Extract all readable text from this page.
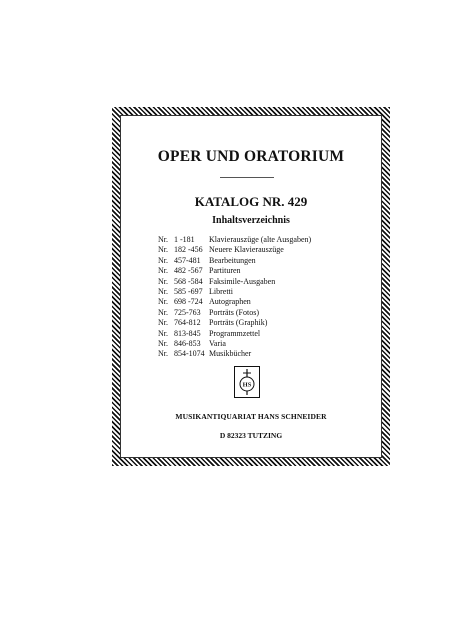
OPER UND ORATORIUM
KATALOG NR. 429
Inhaltsverzeichnis
Nr. 1 -181	Klavierauszüge (alte Ausgaben)
Nr. 182 -456 Neuere Klavierauszüge
Nr. 457-481	Bearbeitungen
Nr. 482 -567 Partituren
Nr. 568 -584 Faksimile-Ausgaben
Nr. 585 -697 Libretti
Nr. 698 -724 Autographen
Nr. 725-763	Porträts (Fotos)
Nr. 764-812	Porträts (Graphik)
Nr. 813-845	Programmzettel
Nr. 846-853	Varia
Nr. 854-1074 Musikbücher
HS
MUSIKANTIQUARIAT HANS SCHNEIDER
D 82323 TUTZING
